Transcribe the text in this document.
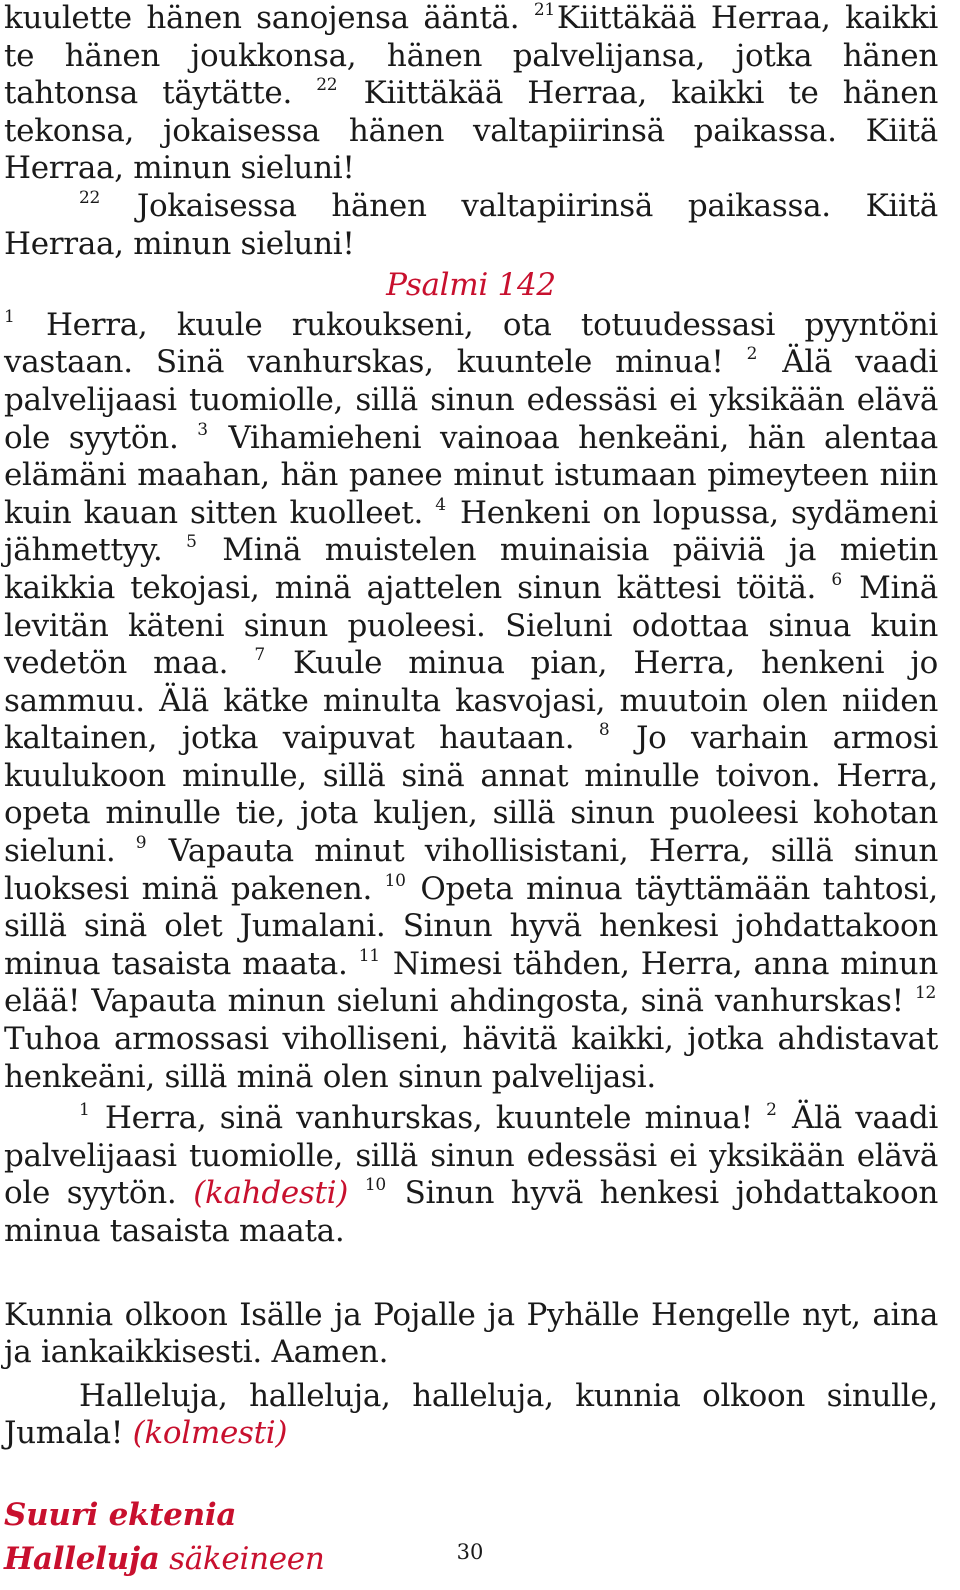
kuulette hänen sanojensa ääntä. $^{21}$Kiittäkää Herraa, kaikki te hänen joukkonsa, hänen palvelijansa, jotka hänen tahtonsa täytätte. $^{22}$ Kiittäkää Herraa, kaikki te hänen tekonsa, jokaisessa hänen valtapiirinsä paikassa. Kiitä Herraa, minun sieluni!

$^{22}$ Jokaisessa hänen valtapiirinsä paikassa. Kiitä Herraa, minun sieluni!

Psalmi 142

$^1$ Herra, kuule rukoukseni, ota totuudessasi pyyntöni vastaan. Sinä vanhurskas, kuuntele minua! $^2$ Älä vaadi palvelijaasi tuomiolle, sillä sinun edessäsi ei yksikään elävä ole syytön. $^3$ Vihamieheni vainoaa henkeäni, hän alentaa elämäni maahan, hän panee minut istumaan pimeyteen niin kuin kauan sitten kuolleet. $^4$ Henkeni on lopussa, sydämeni jähmettyy. $^5$ Minä muistelen muinaisia päiviä ja mietin kaikkia tekojasi, minä ajattelen sinun kättesi töitä. $^6$ Minä levitän käteni sinun puoleesi. Sieluni odottaa sinua kuin vedetön maa. $^7$ Kuule minua pian, Herra, henkeni jo sammuu. Älä kätke minulta kasvojasi, muutoin olen niiden kaltainen, jotka vaipuvat hautaan. $^8$ Jo varhain armosi kuulukoon minulle, sillä sinä annat minulle toivon. Herra, opeta minulle tie, jota kuljen, sillä sinun puoleesi kohotan sieluni. $^9$ Vapauta minut vihollisistani, Herra, sillä sinun luoksesi minä pakenen. $^{10}$ Opeta minua täyttämään tahtosi, sillä sinä olet Jumalani. Sinun hyvä henkesi johdattakoon minua tasaista maata. $^{11}$ Nimesi tähden, Herra, anna minun elää! Vapauta minun sieluni ahdingosta, sinä vanhurskas! $^{12}$ Tuhoa armossasi viholliseni, hävitä kaikki, jotka ahdistavat henkeäni, sillä minä olen sinun palvelijasi.

$^1$ Herra, sinä vanhurskas, kuuntele minua! $^2$ Älä vaadi palvelijaasi tuomiolle, sillä sinun edessäsi ei yksikään elävä ole syytön. (kahdesti) $^{10}$ Sinun hyvä henkesi johdattakoon minua tasaista maata.

Kunnia olkoon Isälle ja Pojalle ja Pyhälle Hengelle nyt, aina ja iankaikkisesti. Aamen.

Halleluja, halleluja, halleluja, kunnia olkoon sinulle, Jumala! (kolmesti)

Suuri ektenia

Halleluja säkeineen	30
